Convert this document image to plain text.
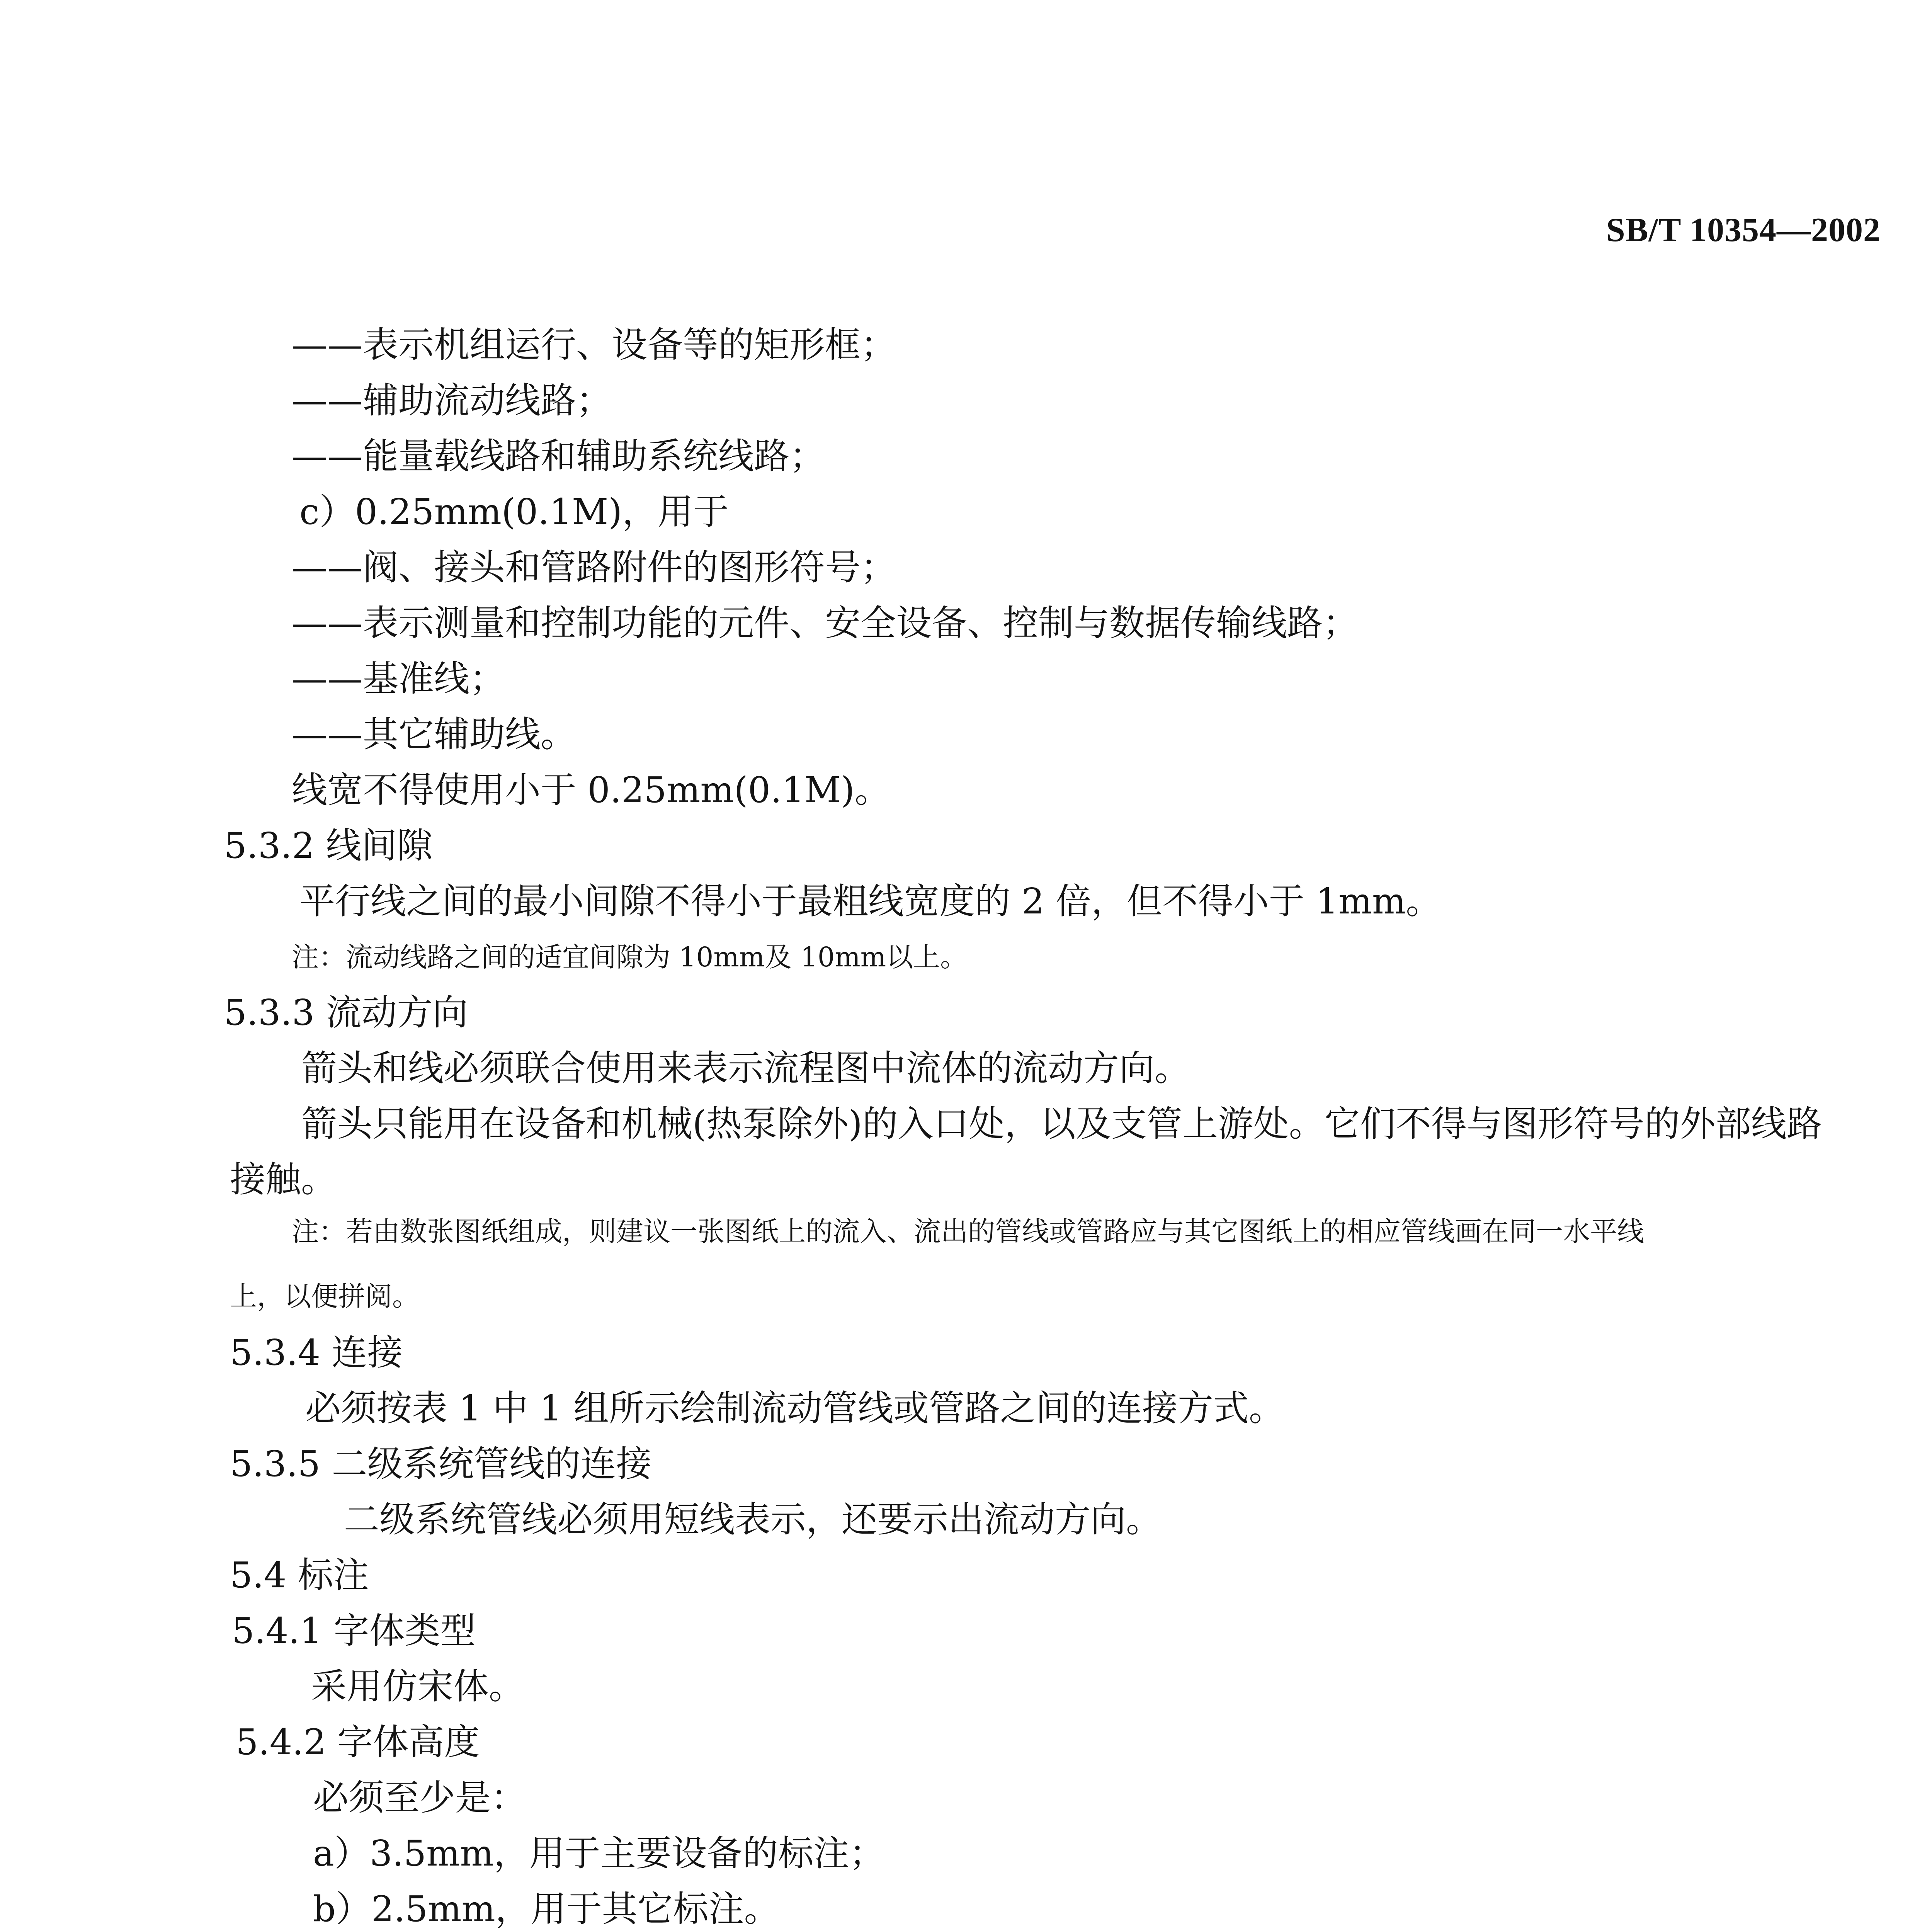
SB/T 10354—2002
——表示机组运行、设备等的矩形框；
——辅助流动线路；
——能量载线路和辅助系统线路；
c）0.25mm(0.1M)，用于
——阀、接头和管路附件的图形符号；
——表示测量和控制功能的元件、安全设备、控制与数据传输线路；
——基准线；
——其它辅助线。
线宽不得使用小于 0.25mm(0.1M)。
5.3.2 线间隙
平行线之间的最小间隙不得小于最粗线宽度的 2 倍，但不得小于 1mm。
注：流动线路之间的适宜间隙为 10mm及 10mm以上。
5.3.3 流动方向
箭头和线必须联合使用来表示流程图中流体的流动方向。
箭头只能用在设备和机械(热泵除外)的入口处，以及支管上游处。它们不得与图形符号的外部线路
接触。
注：若由数张图纸组成，则建议一张图纸上的流入、流出的管线或管路应与其它图纸上的相应管线画在同一水平线
上，以便拼阅。
5.3.4 连接
必须按表 1 中 1 组所示绘制流动管线或管路之间的连接方式。
5.3.5 二级系统管线的连接
二级系统管线必须用短线表示，还要示出流动方向。
5.4 标注
5.4.1 字体类型
采用仿宋体。
5.4.2 字体高度
必须至少是：
a）3.5mm，用于主要设备的标注；
b）2.5mm，用于其它标注。
